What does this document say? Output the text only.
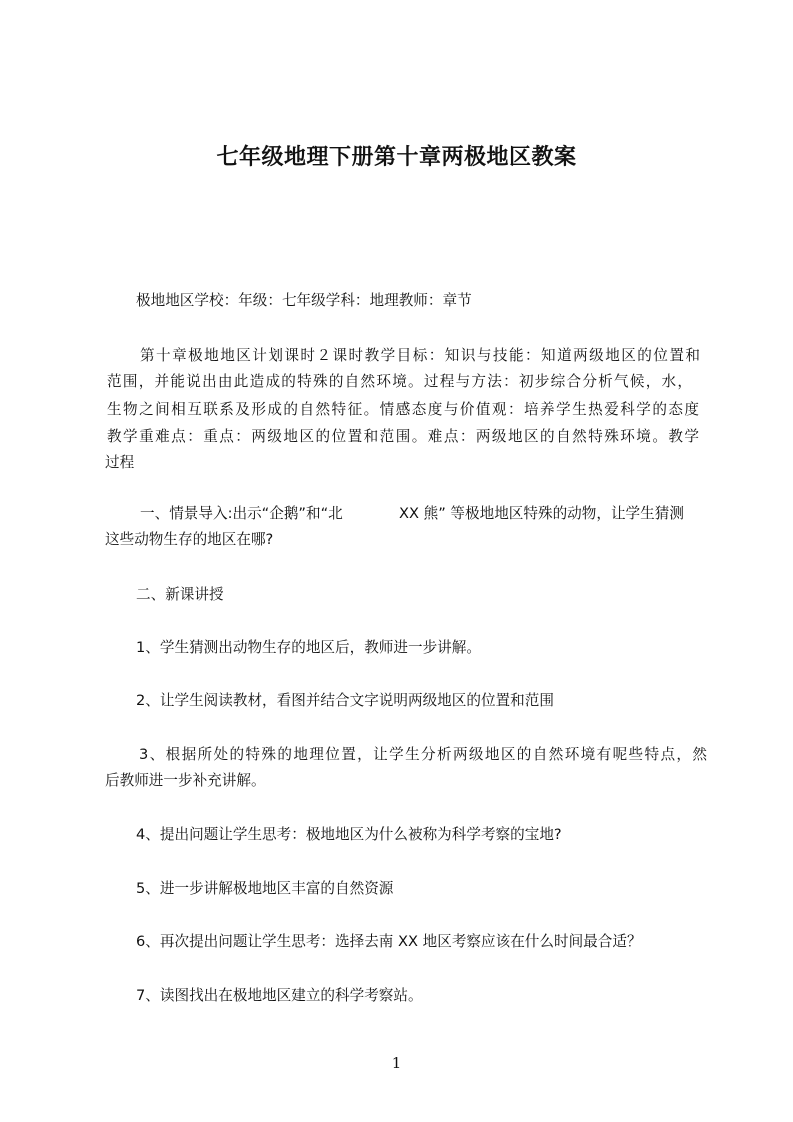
七年级地理下册第十章两极地区教案
极地地区学校：年级：七年级学科：地理教师：章节
第十章极地地区计划课时２课时教学目标：知识与技能：知道两级地区的位置和
范围，并能说出由此造成的特殊的自然环境。过程与方法：初步综合分析气候，水，
生物之间相互联系及形成的自然特征。情感态度与价值观：培养学生热爱科学的态度
教学重难点：重点：两级地区的位置和范围。难点：两级地区的自然特殊环境。教学
过程
一、情景导入:出示“企鹅”和“北	XX 熊” 等极地地区特殊的动物，让学生猜测
这些动物生存的地区在哪?
二、新课讲授
1、学生猜测出动物生存的地区后，教师进一步讲解。
2、让学生阅读教材，看图并结合文字说明两级地区的位置和范围
3、根据所处的特殊的地理位置，让学生分析两级地区的自然环境有呢些特点，然
后教师进一步补充讲解。
4、提出问题让学生思考：极地地区为什么被称为科学考察的宝地?
5、进一步讲解极地地区丰富的自然资源
6、再次提出问题让学生思考：选择去南 XX 地区考察应该在什么时间最合适？
7、读图找出在极地地区建立的科学考察站。
1
